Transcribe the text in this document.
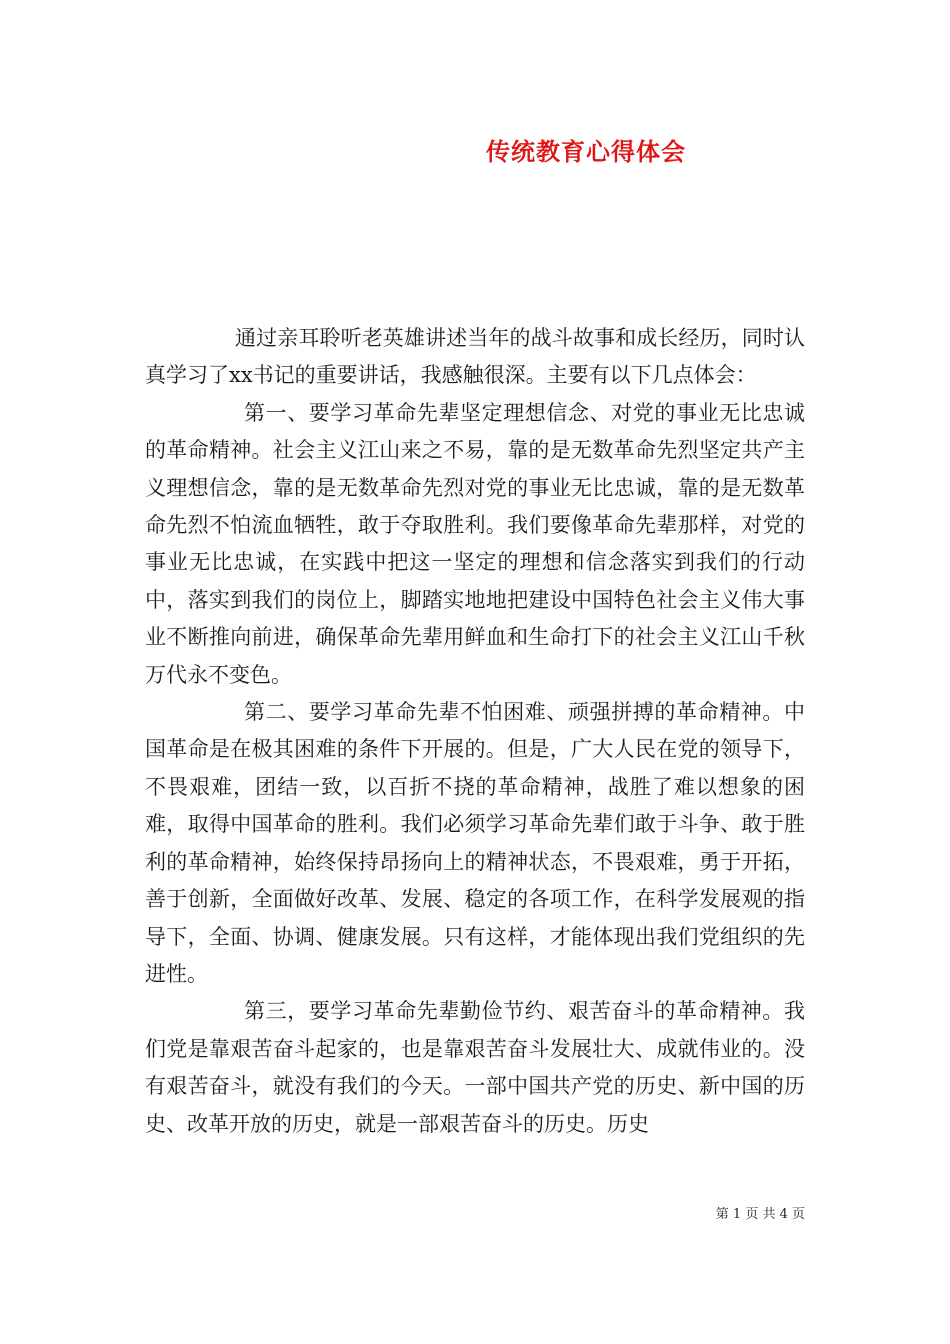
传统教育心得体会

通过亲耳聆听老英雄讲述当年的战斗故事和成长经历，同时认真学习了xx书记的重要讲话，我感触很深。主要有以下几点体会：

第一、要学习革命先辈坚定理想信念、对党的事业无比忠诚的革命精神。社会主义江山来之不易，靠的是无数革命先烈坚定共产主义理想信念，靠的是无数革命先烈对党的事业无比忠诚，靠的是无数革命先烈不怕流血牺牲，敢于夺取胜利。我们要像革命先辈那样，对党的事业无比忠诚，在实践中把这一坚定的理想和信念落实到我们的行动中，落实到我们的岗位上，脚踏实地地把建设中国特色社会主义伟大事业不断推向前进，确保革命先辈用鲜血和生命打下的社会主义江山千秋万代永不变色。

第二、要学习革命先辈不怕困难、顽强拼搏的革命精神。中国革命是在极其困难的条件下开展的。但是，广大人民在党的领导下，不畏艰难，团结一致，以百折不挠的革命精神，战胜了难以想象的困难，取得中国革命的胜利。我们必须学习革命先辈们敢于斗争、敢于胜利的革命精神，始终保持昂扬向上的精神状态，不畏艰难，勇于开拓，善于创新，全面做好改革、发展、稳定的各项工作，在科学发展观的指导下，全面、协调、健康发展。只有这样，才能体现出我们党组织的先进性。

第三，要学习革命先辈勤俭节约、艰苦奋斗的革命精神。我们党是靠艰苦奋斗起家的，也是靠艰苦奋斗发展壮大、成就伟业的。没有艰苦奋斗，就没有我们的今天。一部中国共产党的历史、新中国的历史、改革开放的历史，就是一部艰苦奋斗的历史。历史

第 1 页 共 4 页
